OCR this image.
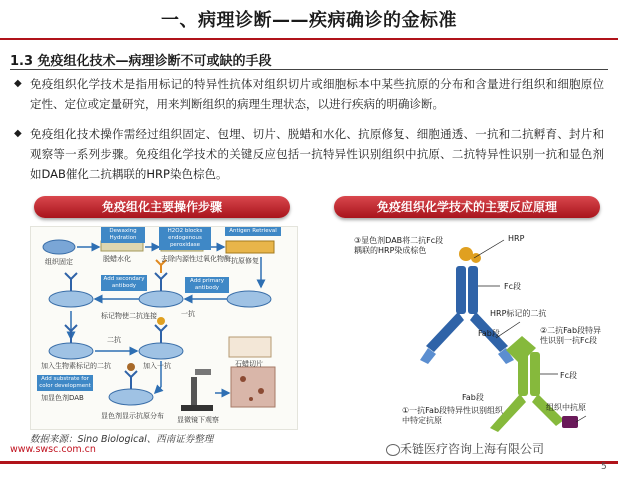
一、病理诊断——疾病确诊的金标准
1.3 免疫组化技术—病理诊断不可或缺的手段
◆ 免疫组织化学技术是指用标记的特异性抗体对组织切片或细胞标本中某些抗原的分布和含量进行组织和细胞原位定性、定位或定量研究，用来判断组织的病理生理状态，以进行疾病的明确诊断。
◆ 免疫组化技术操作需经过组织固定、包埋、切片、脱蜡和水化、抗原修复、细胞通透、一抗和二抗孵育、封片和观察等一系列步骤。免疫组化学技术的关键反应包括一抗特异性识别组织中抗原、二抗特异性识别一抗和显色剂如DAB催化二抗耦联的HRP染色棕色。
免疫组化主要操作步骤	免疫组织化学技术的主要反应原理
Dewaxing Hydration
H2O2 blocks endogenous peroxidase
Antigen Retrieval
Add primary antibody
Add secondary antibody
Add substrate for color development
组织固定	脱蜡水化	去除内源性过氧化物酶 抗原修复
标记物使二抗连接	一抗
二抗
加入生物素标记的二抗	加入一抗
加显色剂DAB
显色剂显示抗原分布 显微镜下观察
石蜡切片
③显色剂DAB将二抗Fc段耦联的HRP染成棕色
HRP
Fc段
HRP标记的二抗
Fab段	②二抗Fab段特异性识别一抗Fc段
Fc段
Fab段
组织中抗原
①一抗Fab段特异性识别组织中特定抗原
数据来源：Sino Biological、西南证券整理
www.swsc.com.cn	禾链医疗咨询上海有限公司
5
